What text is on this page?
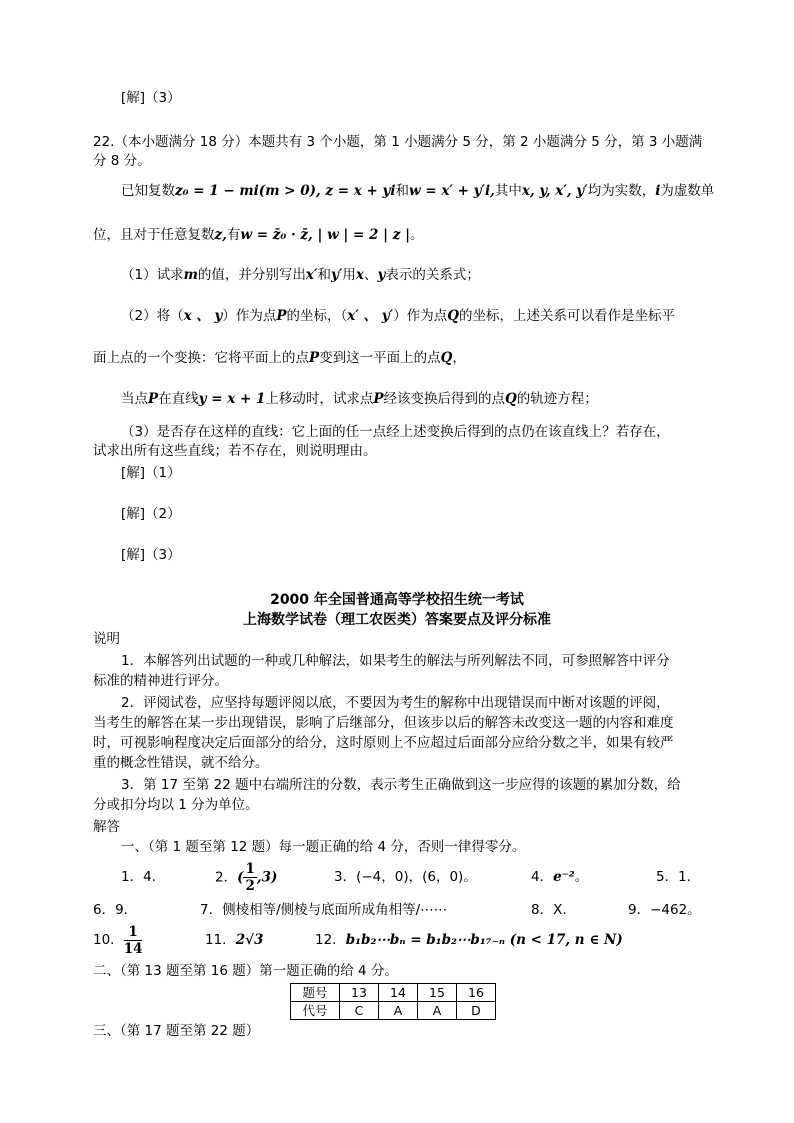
[解]（3）
22.（本小题满分 18 分）本题共有 3 个小题，第 1 小题满分 5 分，第 2 小题满分 5 分，第 3 小题满
分 8 分。
已知复数z₀ = 1 − mi(m > 0), z = x + yi和w = x′ + y′i,其中x, y, x′, y′均为实数，i为虚数单
位，且对于任意复数z,有w = z̄₀ · z̄, | w | = 2 | z |。
（1）试求m的值，并分别写出x′和y′用x、y表示的关系式；
（2）将（x 、 y）作为点P的坐标，（x′ 、 y′）作为点Q的坐标，上述关系可以看作是坐标平
面上点的一个变换：它将平面上的点P变到这一平面上的点Q，
当点P在直线y = x + 1上移动时，试求点P经该变换后得到的点Q的轨迹方程；
（3）是否存在这样的直线：它上面的任一点经上述变换后得到的点仍在该直线上？若存在，
试求出所有这些直线；若不存在，则说明理由。
[解]（1）
[解]（2）
[解]（3）
2000 年全国普通高等学校招生统一考试
上海数学试卷（理工农医类）答案要点及评分标准
说明
1．本解答列出试题的一种或几种解法，如果考生的解法与所列解法不同，可参照解答中评分
标准的精神进行评分。
2．评阅试卷，应坚持每题评阅以底，不要因为考生的解称中出现错误而中断对该题的评阅，
当考生的解答在某一步出现错误，影响了后继部分，但该步以后的解答未改变这一题的内容和难度
时，可视影响程度决定后面部分的给分，这时原则上不应超过后面部分应给分数之半，如果有较严
重的概念性错误，就不给分。
3．第 17 至第 22 题中右端所注的分数，表示考生正确做到这一步应得的该题的累加分数，给
分或扣分均以 1 分为单位。
解答
一、（第 1 题至第 12 题）每一题正确的给 4 分，否则一律得零分。
1．4.	2．( $\frac{1}{2} ,3$)	3．(−4，0)，(6，0)。	4．e⁻²。	5．1.
6．9.	7．侧棱相等/侧棱与底面所成角相等/⋯⋯	8．X.	9．−462。
10． $\frac{1}{14}$	11．2√3	12．b₁b₂⋯bₙ = b₁b₂⋯b₁₇₋ₙ (n < 17, n ∈ N)
二、（第 13 题至第 16 题）第一题正确的给 4 分。
题号	13	14	15	16
代号	C	A	A	D
三、（第 17 题至第 22 题）
